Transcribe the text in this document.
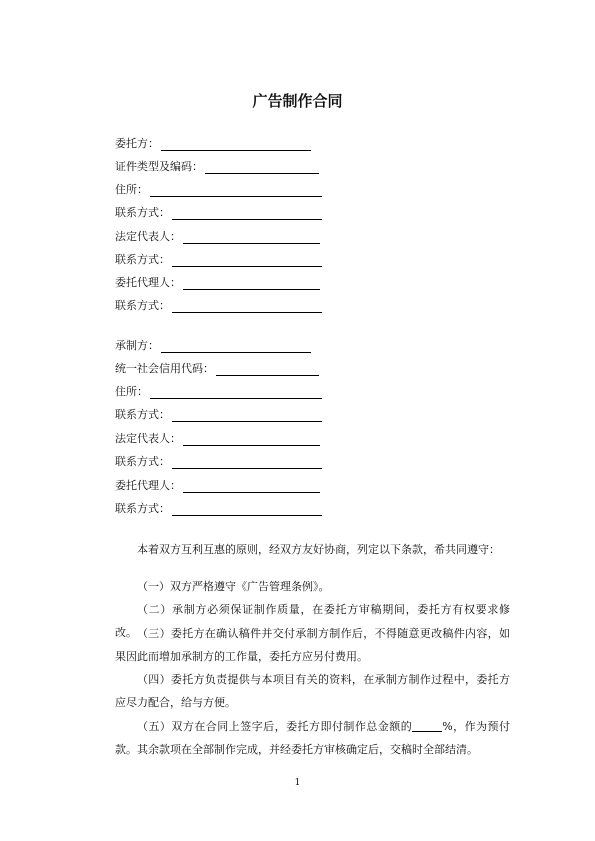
广告制作合同
委托方：
证件类型及编码：
住所：
联系方式：
法定代表人：
联系方式：
委托代理人：
联系方式：
承制方：
统一社会信用代码：
住所：
联系方式：
法定代表人：
联系方式：
委托代理人：
联系方式：
本着双方互利互惠的原则，经双方友好协商，列定以下条款，希共同遵守：
（一）双方严格遵守《广告管理条例》。
（二）承制方必须保证制作质量，在委托方审稿期间，委托方有权要求修改。 （三）委托方在确认稿件并交付承制方制作后，不得随意更改稿件内容，如果因此而增加承制方的工作量，委托方应另付费用。
（四）委托方负责提供与本项目有关的资料，在承制方制作过程中，委托方应尽力配合，给与方便。
（五）双方在合同上签字后，委托方即付制作总金额的	%，作为预付款。其余款项在全部制作完成，并经委托方审核确定后，交稿时全部结清。
1
